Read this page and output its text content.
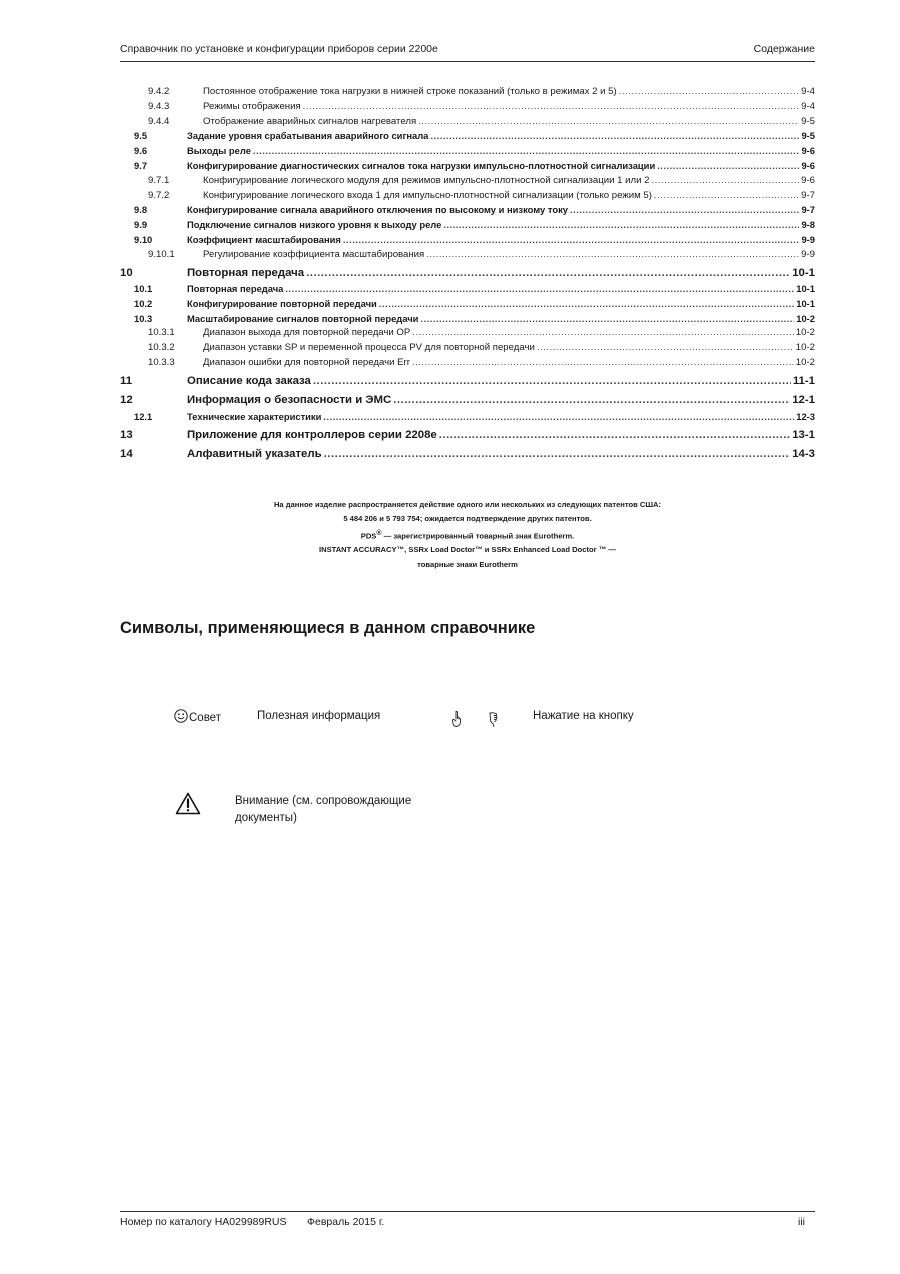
Справочник по установке и конфигурации приборов серии 2200e	Содержание
9.4.2	Постоянное отображение тока нагрузки в нижней строке показаний (только в режимах 2 и 5) .....	9-4
9.4.3	Режимы отображения .....	9-4
9.4.4	Отображение аварийных сигналов нагревателя .....	9-5
9.5	Задание уровня срабатывания аварийного сигнала .....	9-5
9.6	Выходы реле .....	9-6
9.7	Конфигурирование диагностических сигналов тока нагрузки импульсно-плотностной сигнализации .....	9-6
9.7.1	Конфигурирование логического модуля для режимов импульсно-плотностной сигнализации 1 или 2 .....	9-6
9.7.2	Конфигурирование логического входа 1 для импульсно-плотностной сигнализации (только режим 5) .....	9-7
9.8	Конфигурирование сигнала аварийного отключения по высокому и низкому току .....	9-7
9.9	Подключение сигналов низкого уровня к выходу реле .....	9-8
9.10	Коэффициент масштабирования .....	9-9
9.10.1	Регулирование коэффициента масштабирования .....	9-9
10	Повторная передача .....	10-1
10.1	Повторная передача .....	10-1
10.2	Конфигурирование повторной передачи .....	10-1
10.3	Масштабирование сигналов повторной передачи .....	10-2
10.3.1	Диапазон выхода для повторной передачи OP .....	10-2
10.3.2	Диапазон уставки SP и переменной процесса PV для повторной передачи .....	10-2
10.3.3	Диапазон ошибки для повторной передачи Err .....	10-2
11	Описание кода заказа .....	11-1
12	Информация о безопасности и ЭМС .....	12-1
12.1	Технические характеристики .....	12-3
13	Приложение для контроллеров серии 2208e .....	13-1
14	Алфавитный указатель .....	14-3
На данное изделие распространяется действие одного или нескольких из следующих патентов США:
5 484 206 и 5 793 754; ожидается подтверждение других патентов.
PDS® — зарегистрированный товарный знак Eurotherm.
INSTANT ACCURACY™, SSRx Load Doctor™ и SSRx Enhanced Load Doctor ™ —
товарные знаки Eurotherm
Символы, применяющиеся в данном справочнике
Совет	Полезная информация	Нажатие на кнопку
Внимание (см. сопровождающие
документы)
Номер по каталогу HA029989RUS Февраль 2015 г.	iii
